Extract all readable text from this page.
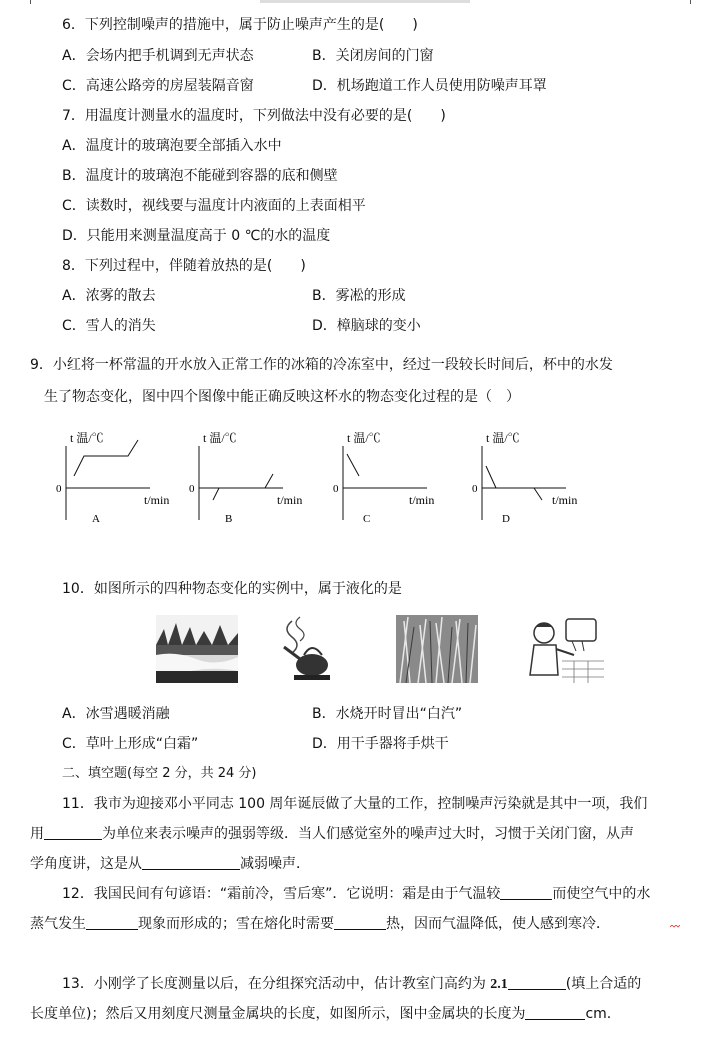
6．下列控制噪声的措施中，属于防止噪声产生的是(　　)
A．会场内把手机调到无声状态	B．关闭房间的门窗
C．高速公路旁的房屋装隔音窗	D．机场跑道工作人员使用防噪声耳罩
7．用温度计测量水的温度时，下列做法中没有必要的是(　　)
A．温度计的玻璃泡要全部插入水中
B．温度计的玻璃泡不能碰到容器的底和侧壁
C．读数时，视线要与温度计内液面的上表面相平
D．只能用来测量温度高于 0 ℃的水的温度
8．下列过程中，伴随着放热的是(　　)
A．浓雾的散去	B．雾凇的形成
C．雪人的消失	D．樟脑球的变小
9．小红将一杯常温的开水放入正常工作的冰箱的冷冻室中，经过一段较长时间后，杯中的水发
生了物态变化，图中四个图像中能正确反映这杯水的物态变化过程的是（　）
t 温/℃
0
t/min
A
t 温/℃
0
t/min
B
t 温/℃
0
t/min
C
t 温/℃
0
t/min
D
10．如图所示的四种物态变化的实例中，属于液化的是
A．冰雪遇暖消融	B．水烧开时冒出“白汽”
C．草叶上形成“白霜”	D．用干手器将手烘干
二、填空题(每空 2 分，共 24 分)
11．我市为迎接邓小平同志 100 周年诞辰做了大量的工作，控制噪声污染就是其中一项，我们
用	为单位来表示噪声的强弱等级．当人们感觉室外的噪声过大时，习惯于关闭门窗，从声
学角度讲，这是从	减弱噪声．
12．我国民间有句谚语：“霜前冷，雪后寒”．它说明：霜是由于气温较	而使空气中的水
蒸气发生	现象而形成的；雪在熔化时需要	热，因而气温降低，使人感到寒冷．
13．小刚学了长度测量以后，在分组探究活动中，估计教室门高约为 2.1	(填上合适的
长度单位)；然后又用刻度尺测量金属块的长度，如图所示，图中金属块的长度为	cm.
